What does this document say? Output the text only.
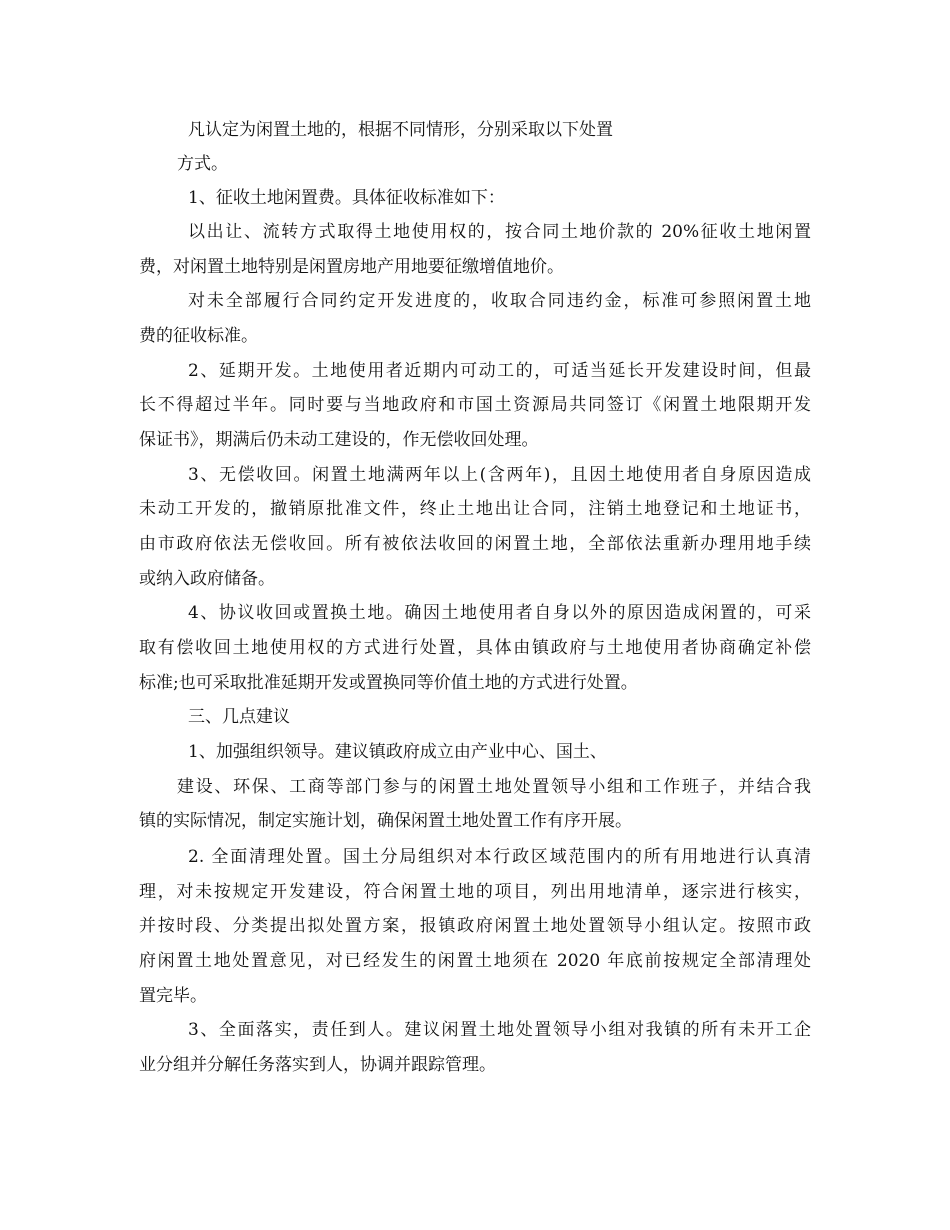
凡认定为闲置土地的，根据不同情形，分别采取以下处置
方式。
1、征收土地闲置费。具体征收标准如下：
以出让、流转方式取得土地使用权的，按合同土地价款的 20%征收土地闲置
费，对闲置土地特别是闲置房地产用地要征缴增值地价。
对未全部履行合同约定开发进度的，收取合同违约金，标准可参照闲置土地
费的征收标准。
2、延期开发。土地使用者近期内可动工的，可适当延长开发建设时间，但最
长不得超过半年。同时要与当地政府和市国土资源局共同签订《闲置土地限期开发
保证书》，期满后仍未动工建设的，作无偿收回处理。
3、无偿收回。闲置土地满两年以上(含两年)，且因土地使用者自身原因造成
未动工开发的，撤销原批准文件，终止土地出让合同，注销土地登记和土地证书，
由市政府依法无偿收回。所有被依法收回的闲置土地，全部依法重新办理用地手续
或纳入政府储备。
4、协议收回或置换土地。确因土地使用者自身以外的原因造成闲置的，可采
取有偿收回土地使用权的方式进行处置，具体由镇政府与土地使用者协商确定补偿
标准;也可采取批准延期开发或置换同等价值土地的方式进行处置。
三、几点建议
1、加强组织领导。建议镇政府成立由产业中心、国土、
建设、环保、工商等部门参与的闲置土地处置领导小组和工作班子，并结合我
镇的实际情况，制定实施计划，确保闲置土地处置工作有序开展。
2. 全面清理处置。国土分局组织对本行政区域范围内的所有用地进行认真清
理，对未按规定开发建设，符合闲置土地的项目，列出用地清单，逐宗进行核实，
并按时段、分类提出拟处置方案，报镇政府闲置土地处置领导小组认定。按照市政
府闲置土地处置意见，对已经发生的闲置土地须在 2020 年底前按规定全部清理处
置完毕。
3、全面落实，责任到人。建议闲置土地处置领导小组对我镇的所有未开工企
业分组并分解任务落实到人，协调并跟踪管理。
